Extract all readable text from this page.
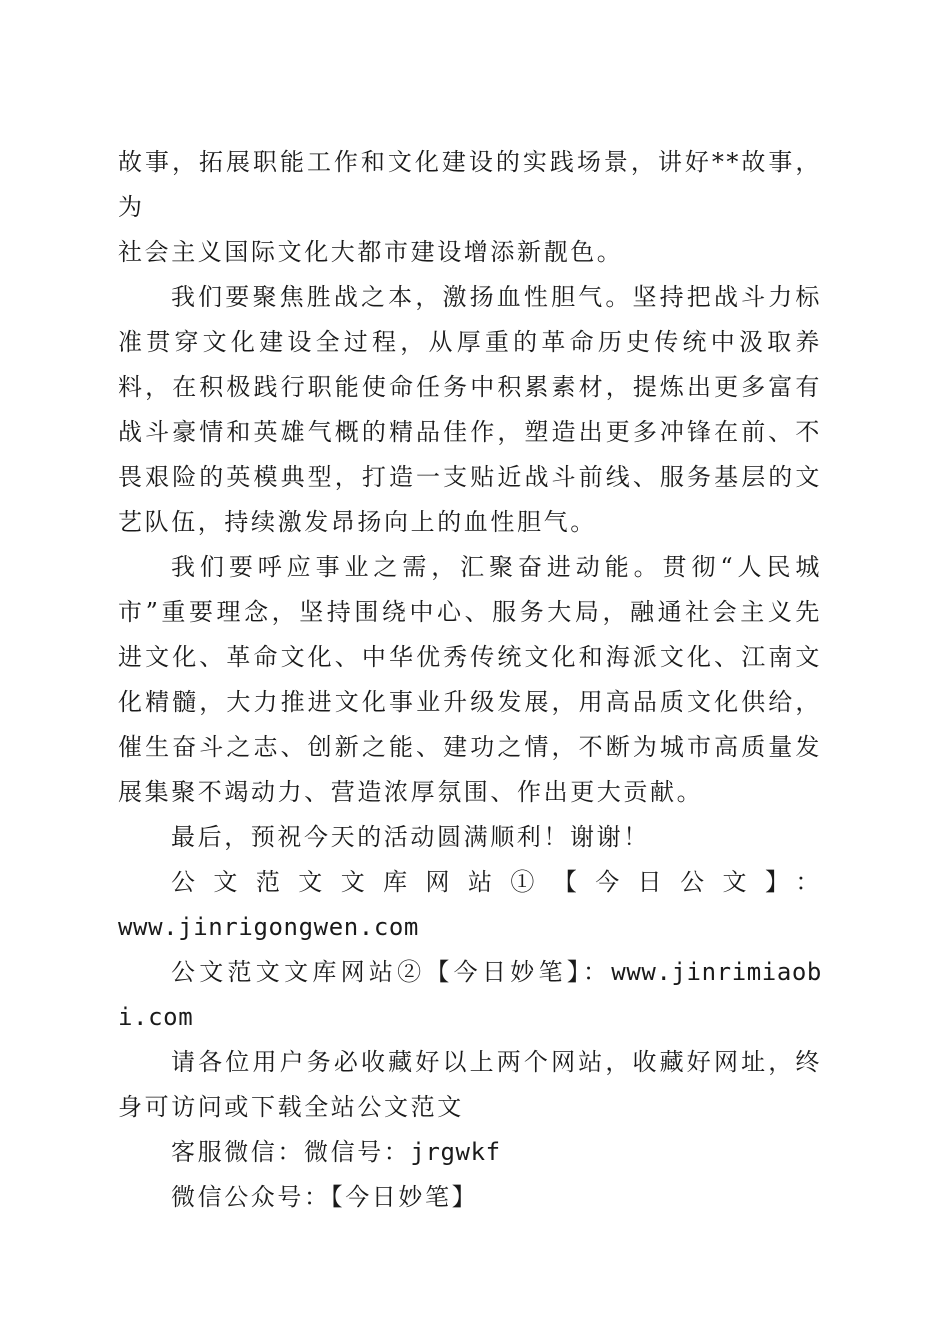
故事，拓展职能工作和文化建设的实践场景，讲好**故事，为
社会主义国际文化大都市建设增添新靓色。

我们要聚焦胜战之本，激扬血性胆气。坚持把战斗力标准贯穿文化建设全过程，从厚重的革命历史传统中汲取养料，在积极践行职能使命任务中积累素材，提炼出更多富有战斗豪情和英雄气概的精品佳作，塑造出更多冲锋在前、不畏艰险的英模典型，打造一支贴近战斗前线、服务基层的文艺队伍，持续激发昂扬向上的血性胆气。

我们要呼应事业之需，汇聚奋进动能。贯彻“人民城市”重要理念，坚持围绕中心、服务大局，融通社会主义先进文化、革命文化、中华优秀传统文化和海派文化、江南文化精髓，大力推进文化事业升级发展，用高品质文化供给，催生奋斗之志、创新之能、建功之情，不断为城市高质量发展集聚不竭动力、营造浓厚氛围、作出更大贡献。

最后，预祝今天的活动圆满顺利！谢谢！

公文范文文库网站①【今日公文】：

www.jinrigongwen.com

公文范文文库网站②【今日妙笔】：www.jinrimiaobi.com

请各位用户务必收藏好以上两个网站，收藏好网址，终身可访问或下载全站公文范文

客服微信：微信号：jrgwkf

微信公众号：【今日妙笔】
